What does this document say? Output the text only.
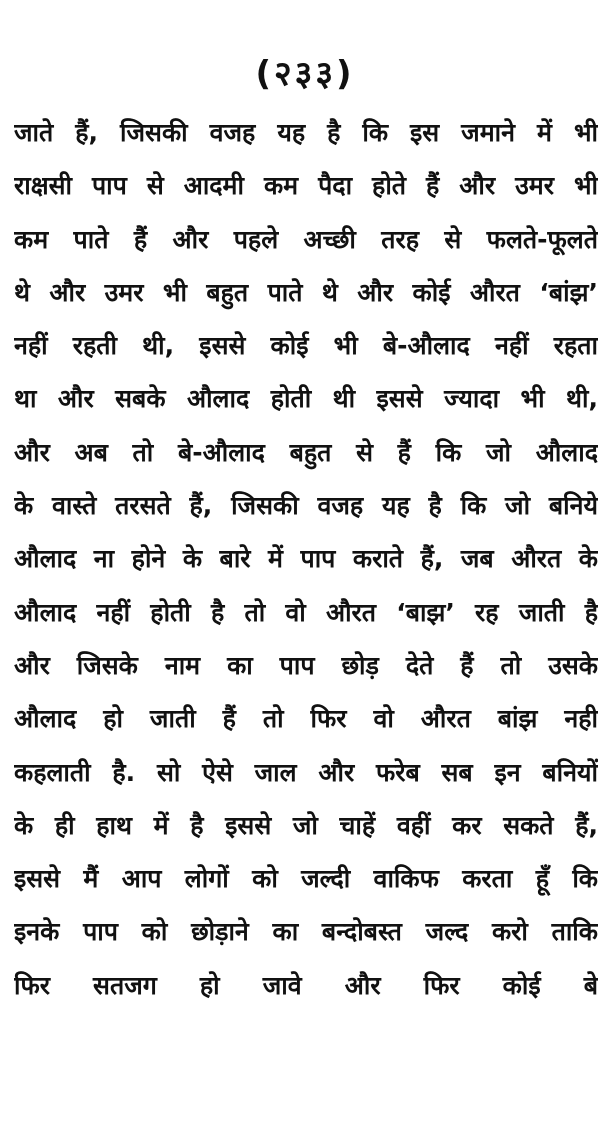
(२३३)
जाते हैं, जिसकी वजह यह है कि इस जमाने में भी
राक्षसी पाप से आदमी कम पैदा होते हैं और उमर भी
कम पाते हैं और पहले अच्छी तरह से फलते-फूलते
थे और उमर भी बहुत पाते थे और कोई औरत ‘बांझ’
नहीं रहती थी, इससे कोई भी बे-औलाद नहीं रहता
था और सबके औलाद होती थी इससे ज्यादा भी थी,
और अब तो बे-औलाद बहुत से हैं कि जो औलाद
के वास्ते तरसते हैं, जिसकी वजह यह है कि जो बनिये
औलाद ना होने के बारे में पाप कराते हैं, जब औरत के
औलाद नहीं होती है तो वो औरत ‘बाझ’ रह जाती है
और जिसके नाम का पाप छोड़ देते हैं तो उसके
औलाद हो जाती हैं तो फिर वो औरत बांझ नही
कहलाती है. सो ऐसे जाल और फरेब सब इन बनियों
के ही हाथ में है इससे जो चाहें वहीं कर सकते हैं,
इससे मैं आप लोगों को जल्दी वाकिफ करता हूँ कि
इनके पाप को छोड़ाने का बन्दोबस्त जल्द करो ताकि
फिर सतजग हो जावे और फिर कोई बे
